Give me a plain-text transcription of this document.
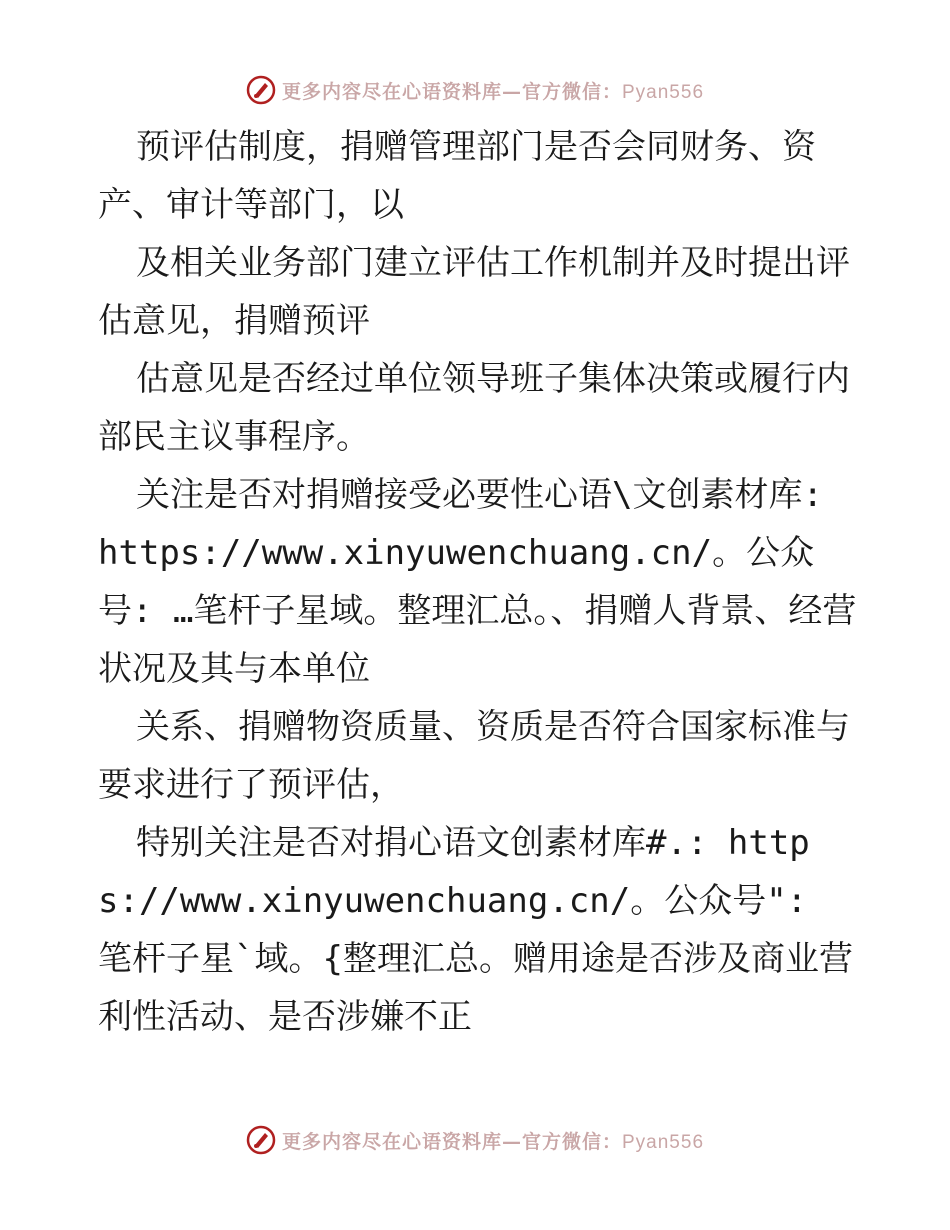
更多内容尽在心语资料库—官方微信：Pyan556

预评估制度，捐赠管理部门是否会同财务、资产、审计等部门，以

及相关业务部门建立评估工作机制并及时提出评估意见，捐赠预评

估意见是否经过单位领导班子集体决策或履行内部民主议事程序。

关注是否对捐赠接受必要性心语\文创素材库: https://www.xinyuwenchuang.cn/。公众号: …笔杆子星域。整理汇总。、捐赠人背景、经营状况及其与本单位

关系、捐赠物资质量、资质是否符合国家标准与要求进行了预评估，

特别关注是否对捐心语文创素材库#.: https://www.xinyuwenchuang.cn/。公众号": 笔杆子星`域。{整理汇总。赠用途是否涉及商业营利性活动、是否涉嫌不正

更多内容尽在心语资料库—官方微信：Pyan556
